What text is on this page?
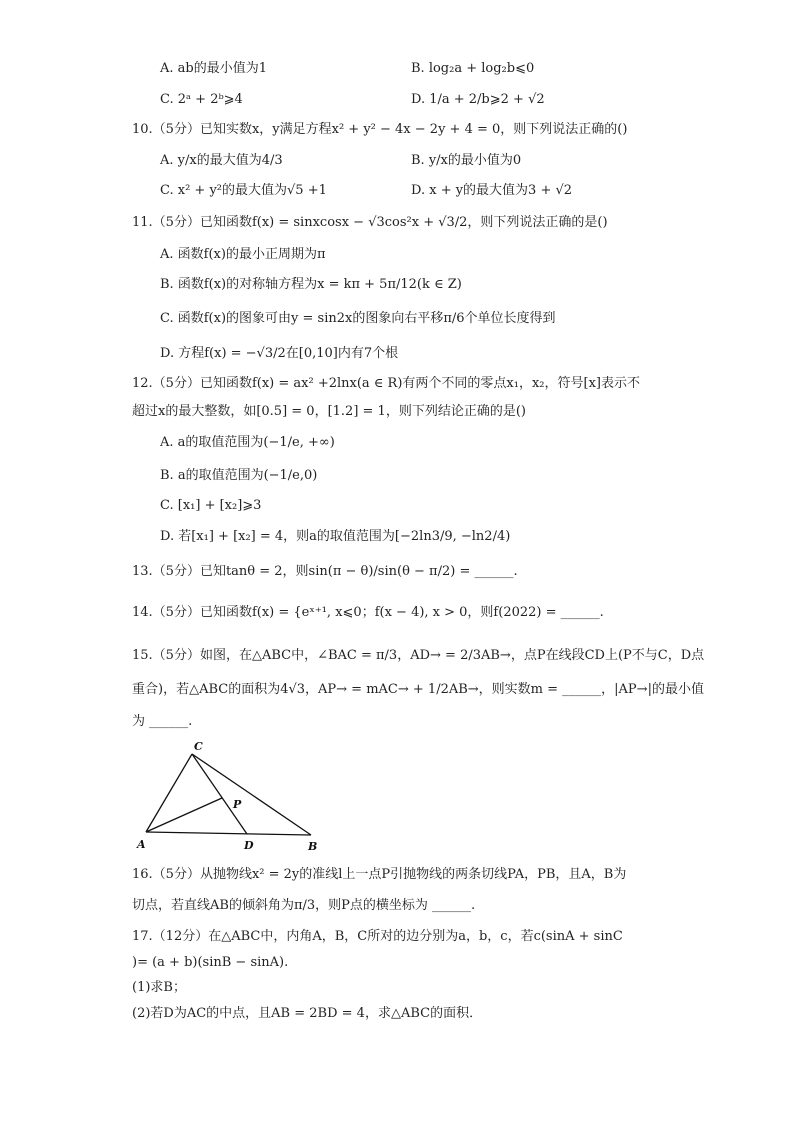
A. ab的最小值为1	B. log₂a + log₂b⩽0
C. 2ᵃ + 2ᵇ⩾4	D. 1/a + 2/b⩾2 + √2
10.（5分）已知实数x，y满足方程x² + y² − 4x − 2y + 4 = 0，则下列说法正确的()
A. y/x的最大值为4/3	B. y/x的最小值为0
C. x² + y²的最大值为√5 +1	D. x + y的最大值为3 + √2
11.（5分）已知函数f(x) = sinxcosx − √3cos²x + √3/2，则下列说法正确的是()
A. 函数f(x)的最小正周期为π
B. 函数f(x)的对称轴方程为x = kπ + 5π/12(k ∈ Z)
C. 函数f(x)的图象可由y = sin2x的图象向右平移π/6个单位长度得到
D. 方程f(x) = −√3/2在[0,10]内有7个根
12.（5分）已知函数f(x) = ax² +2lnx(a ∈ R)有两个不同的零点x₁，x₂，符号[x]表示不
超过x的最大整数，如[0.5] = 0，[1.2] = 1，则下列结论正确的是()
A. a的取值范围为(−1/e, +∞)
B. a的取值范围为(−1/e,0)
C. [x₁] + [x₂]⩾3
D. 若[x₁] + [x₂] = 4，则a的取值范围为[−2ln3/9, −ln2/4)
13.（5分）已知tanθ = 2，则sin(π − θ)/sin(θ − π/2) = ______.
14.（5分）已知函数f(x) = {eˣ⁺¹, x⩽0；f(x − 4), x > 0，则f(2022) = ______.
15.（5分）如图，在△ABC中，∠BAC = π/3，AD→ = 2/3AB→，点P在线段CD上(P不与C，D点
重合)，若△ABC的面积为4√3，AP→ = mAC→ + 1/2AB→，则实数m = ______，|AP→|的最小值
为 ______.
C
A	D	B
P
16.（5分）从抛物线x² = 2y的准线l上一点P引抛物线的两条切线PA，PB，且A，B为
切点，若直线AB的倾斜角为π/3，则P点的横坐标为 ______.
17.（12分）在△ABC中，内角A，B，C所对的边分别为a，b，c，若c(sinA + sinC
)= (a + b)(sinB − sinA).
(1)求B；
(2)若D为AC的中点，且AB = 2BD = 4，求△ABC的面积．
